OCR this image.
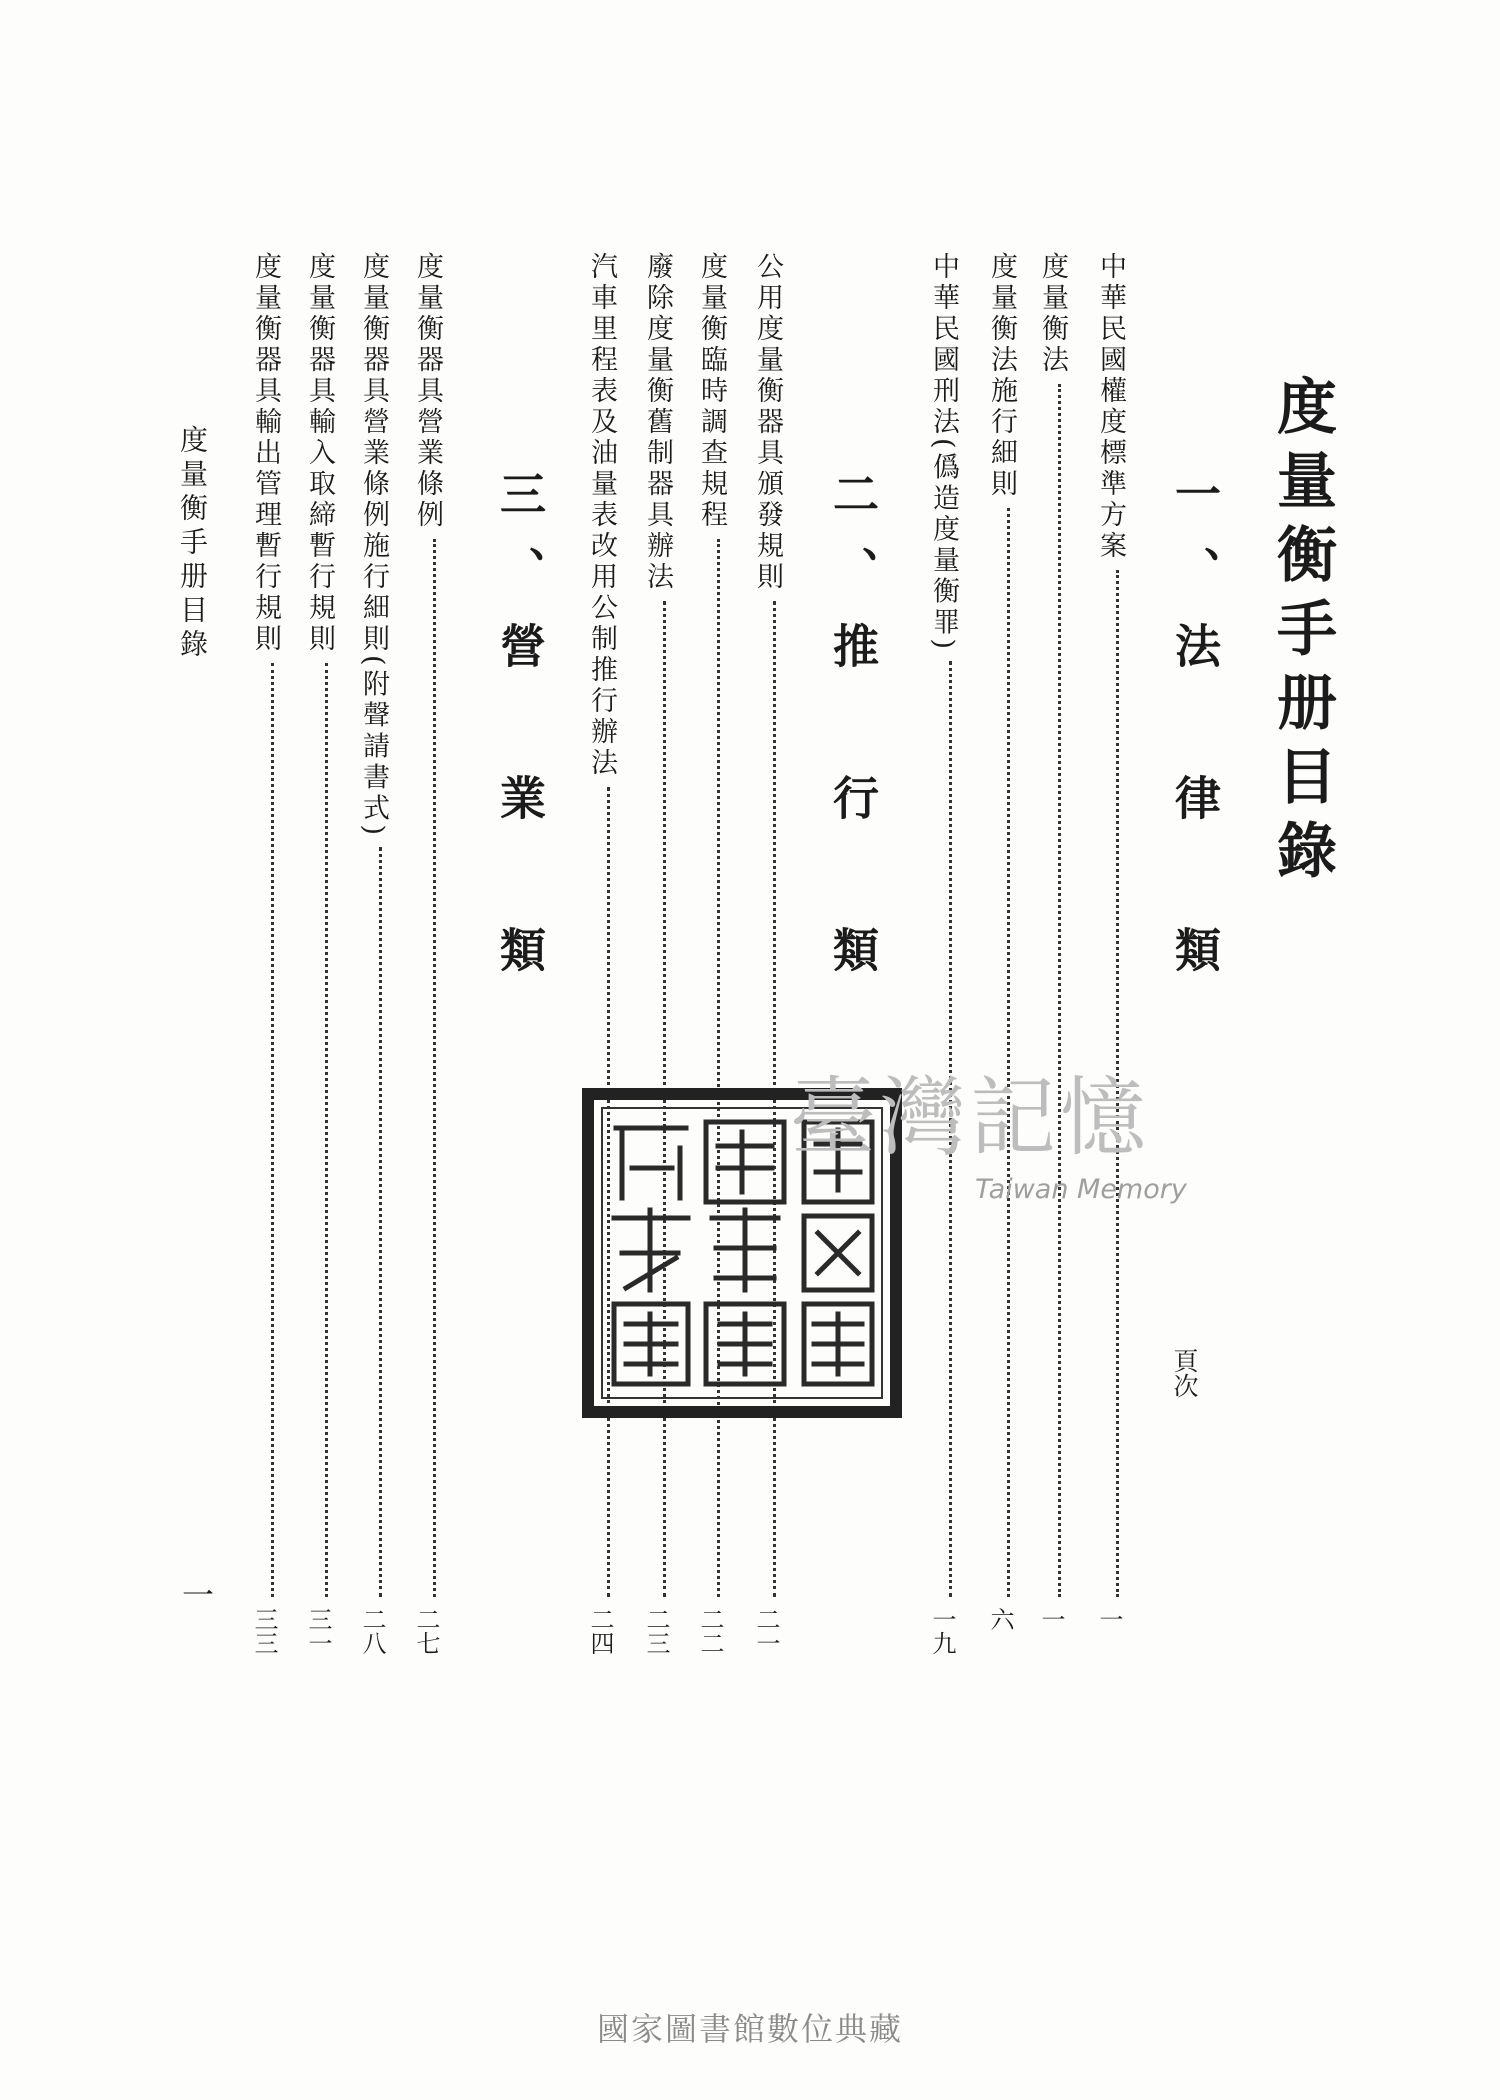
度量衡手册目錄
頁次
度量衡手册目錄
一
一、法　律　類
二、推　行　類
三、營　業　類
中華民國權度標準方案
一
度量衡法
一
度量衡法施行細則
六
中華民國刑法(僞造度量衡罪)
一九
公用度量衡器具頒發規則
二一
度量衡臨時調查規程
二二
廢除度量衡舊制器具辦法
二三
汽車里程表及油量表改用公制推行辦法
二四
度量衡器具營業條例
二七
度量衡器具營業條例施行細則(附聲請書式)
二八
度量衡器具輸入取締暫行規則
三一
度量衡器具輸出管理暫行規則
三三
臺灣記憶
Taiwan Memory
國家圖書館數位典藏
